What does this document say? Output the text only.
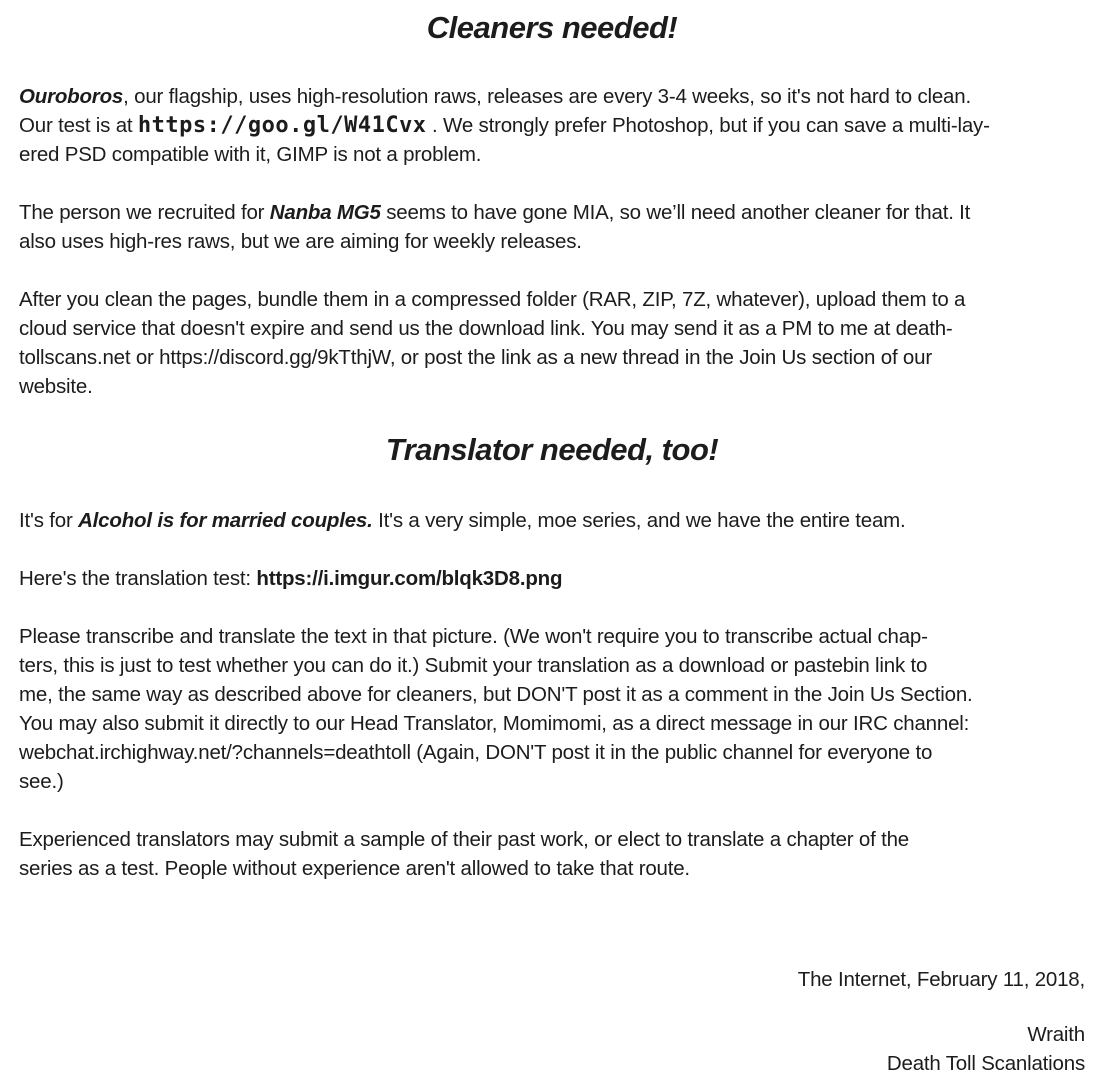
Cleaners needed!
Ouroboros, our flagship, uses high-resolution raws, releases are every 3-4 weeks, so it's not hard to clean.
Our test is at https://goo.gl/W41Cvx . We strongly prefer Photoshop, but if you can save a multi-lay-
ered PSD compatible with it, GIMP is not a problem.
The person we recruited for Nanba MG5 seems to have gone MIA, so we’ll need another cleaner for that. It
also uses high-res raws, but we are aiming for weekly releases.
After you clean the pages, bundle them in a compressed folder (RAR, ZIP, 7Z, whatever), upload them to a
cloud service that doesn't expire and send us the download link. You may send it as a PM to me at death-
tollscans.net or https://discord.gg/9kTthjW, or post the link as a new thread in the Join Us section of our
website.
Translator needed, too!
It's for Alcohol is for married couples. It's a very simple, moe series, and we have the entire team.
Here's the translation test: https://i.imgur.com/blqk3D8.png
Please transcribe and translate the text in that picture. (We won't require you to transcribe actual chap-
ters, this is just to test whether you can do it.) Submit your translation as a download or pastebin link to
me, the same way as described above for cleaners, but DON'T post it as a comment in the Join Us Section.
You may also submit it directly to our Head Translator, Momimomi, as a direct message in our IRC channel:
webchat.irchighway.net/?channels=deathtoll (Again, DON'T post it in the public channel for everyone to
see.)
Experienced translators may submit a sample of their past work, or elect to translate a chapter of the
series as a test. People without experience aren't allowed to take that route.
The Internet, February 11, 2018,
Wraith
Death Toll Scanlations
